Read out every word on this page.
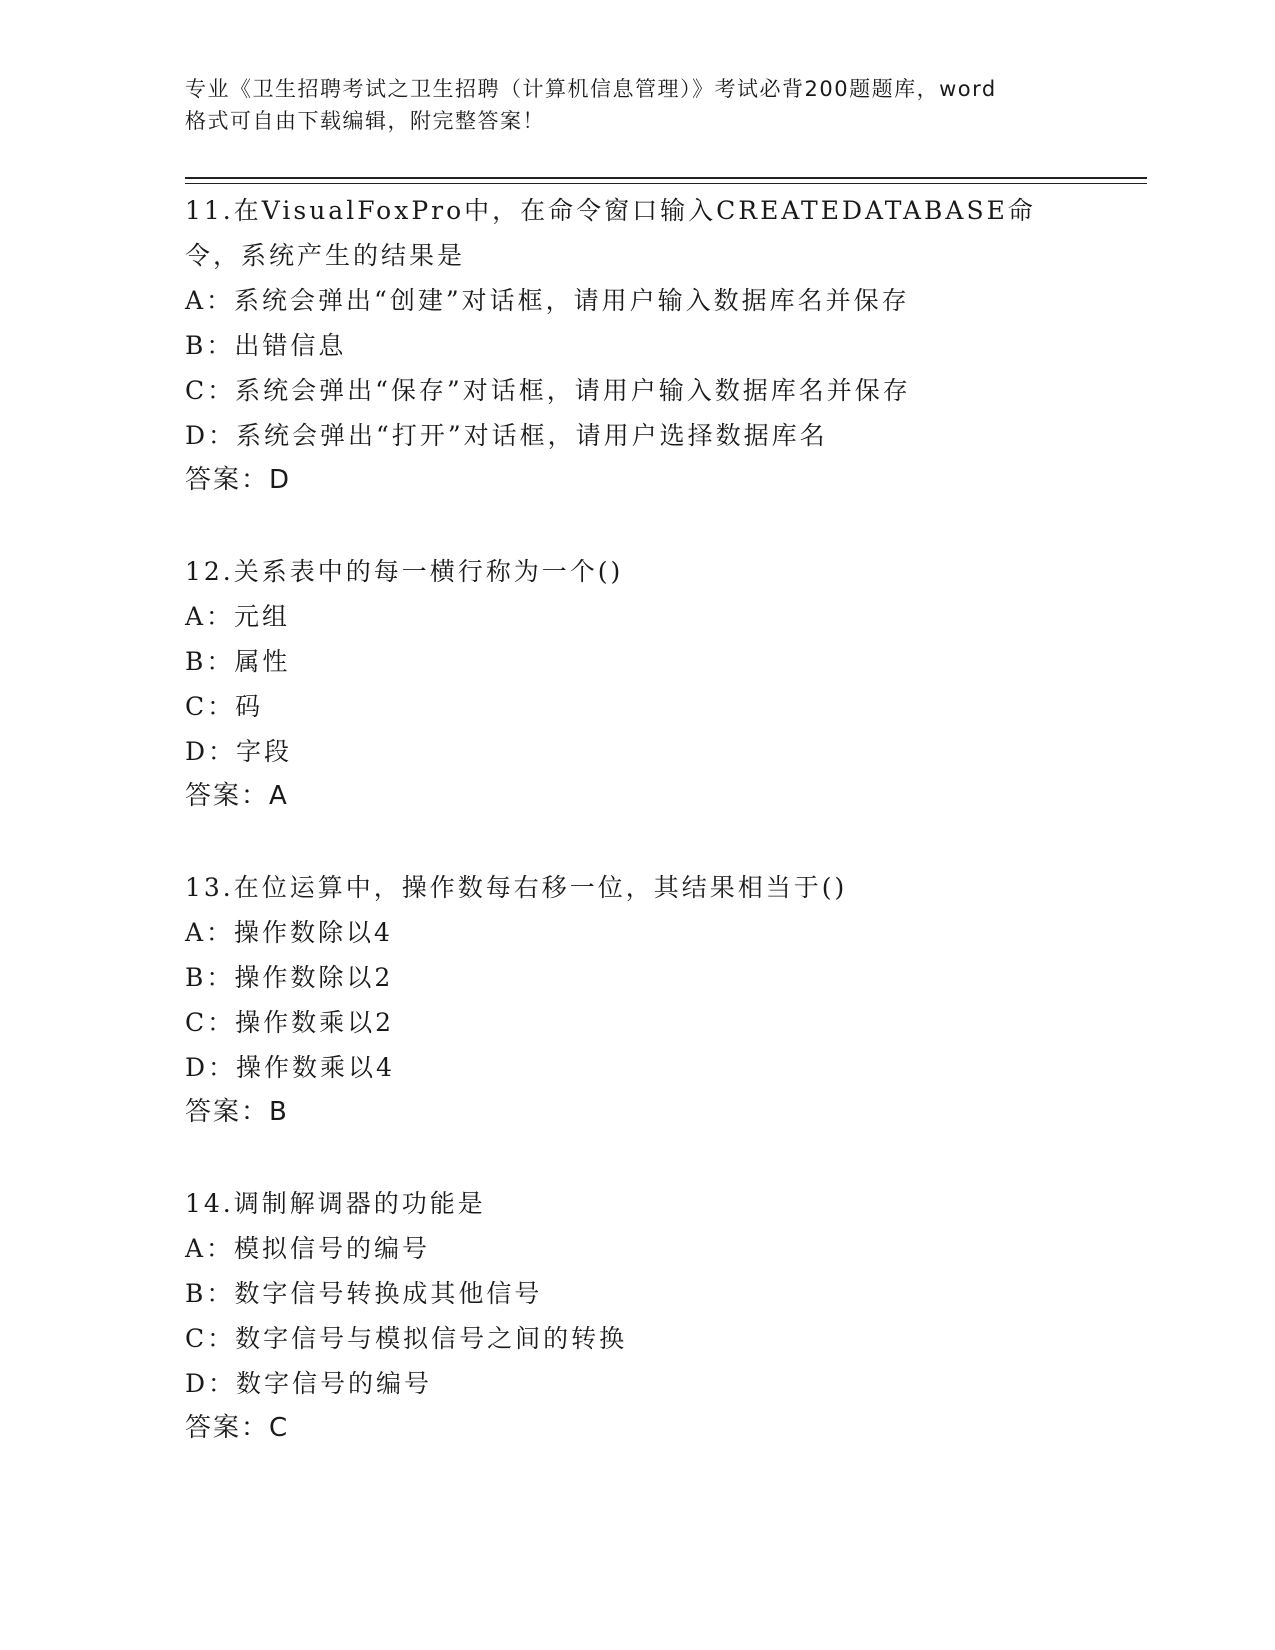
专业《卫生招聘考试之卫生招聘（计算机信息管理）》考试必背200题题库，word
格式可自由下载编辑，附完整答案！
11.在VisualFoxPro中，在命令窗口输入CREATEDATABASE命令，系统产生的结果是
A：系统会弹出“创建”对话框，请用户输入数据库名并保存
B：出错信息
C：系统会弹出“保存”对话框，请用户输入数据库名并保存
D：系统会弹出“打开”对话框，请用户选择数据库名
答案：D
12.关系表中的每一横行称为一个()
A：元组
B：属性
C：码
D：字段
答案：A
13.在位运算中，操作数每右移一位，其结果相当于()
A：操作数除以4
B：操作数除以2
C：操作数乘以2
D：操作数乘以4
答案：B
14.调制解调器的功能是
A：模拟信号的编号
B：数字信号转换成其他信号
C：数字信号与模拟信号之间的转换
D：数字信号的编号
答案：C
